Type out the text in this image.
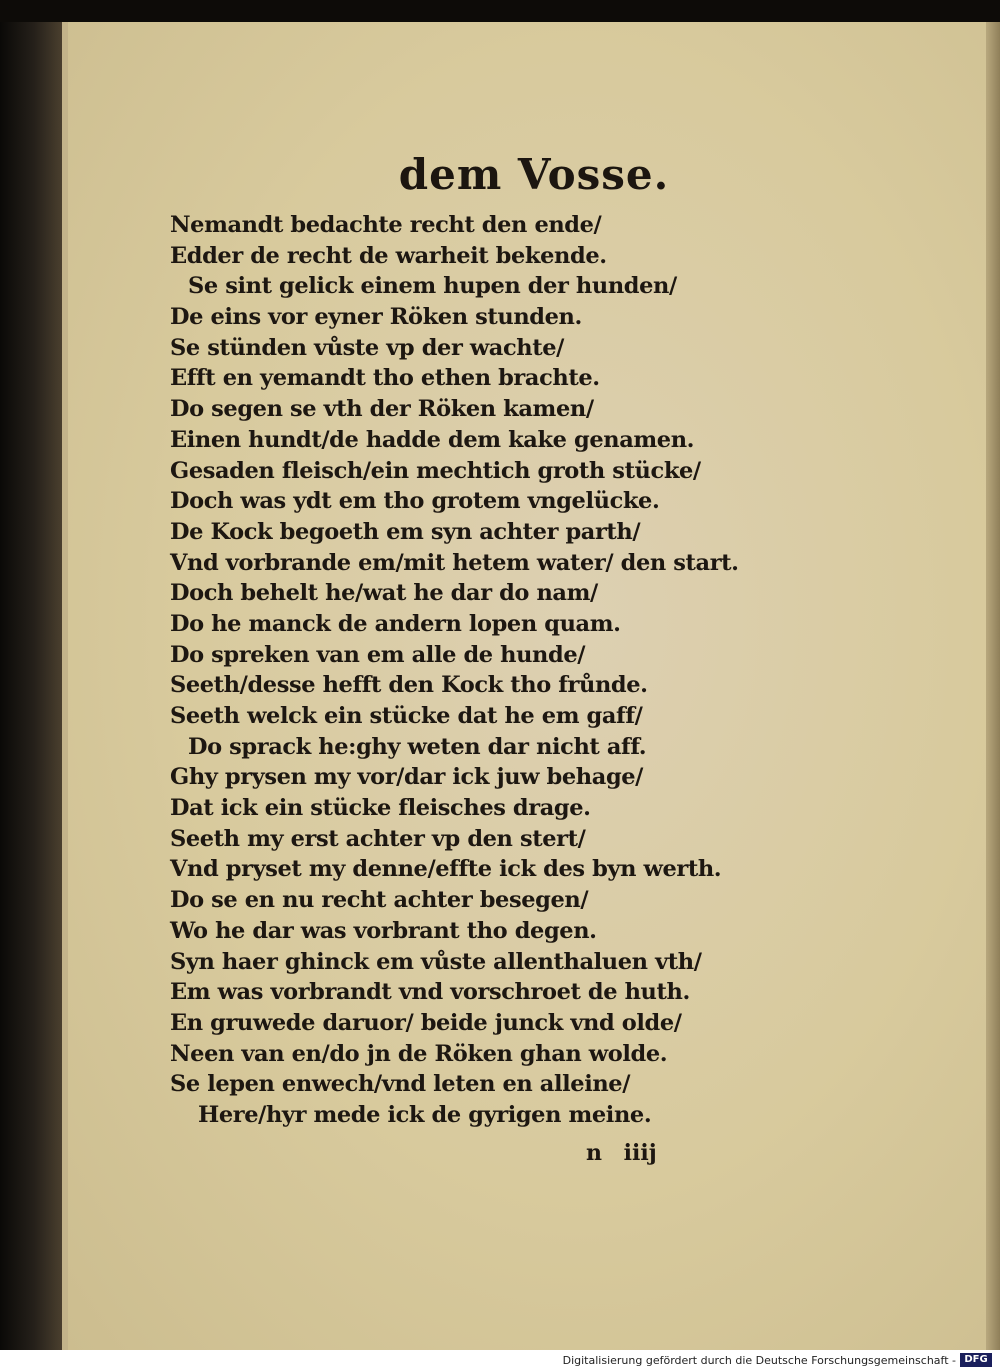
dem Vosse.
Nemandt bedachte recht den ende/
Edder de recht de warheit bekende.
Se sint gelick einem hupen der hunden/
De eins vor eyner Röken stunden.
Se stünden vůste vp der wachte/
Efft en yemandt tho ethen brachte.
Do segen se vth der Röken kamen/
Einen hundt/de hadde dem kake genamen.
Gesaden fleisch/ein mechtich groth stücke/
Doch was ydt em tho grotem vngelücke.
De Kock begoeth em syn achter parth/
Vnd vorbrande em/mit hetem water/ den start.
Doch behelt he/wat he dar do nam/
Do he manck de andern lopen quam.
Do spreken van em alle de hunde/
Seeth/desse hefft den Kock tho frůnde.
Seeth welck ein stücke dat he em gaff/
Do sprack he:ghy weten dar nicht aff.
Ghy prysen my vor/dar ick juw behage/
Dat ick ein stücke fleisches drage.
Seeth my erst achter vp den stert/
Vnd pryset my denne/effte ick des byn werth.
Do se en nu recht achter besegen/
Wo he dar was vorbrant tho degen.
Syn haer ghinck em vůste allenthaluen vth/
Em was vorbrandt vnd vorschroet de huth.
En gruwede daruor/ beide junck vnd olde/
Neen van en/do jn de Röken ghan wolde.
Se lepen enwech/vnd leten en alleine/
Here/hyr mede ick de gyrigen meine.
n iiij
Digitalisierung gefördert durch die Deutsche Forschungsgemeinschaft - DFG
